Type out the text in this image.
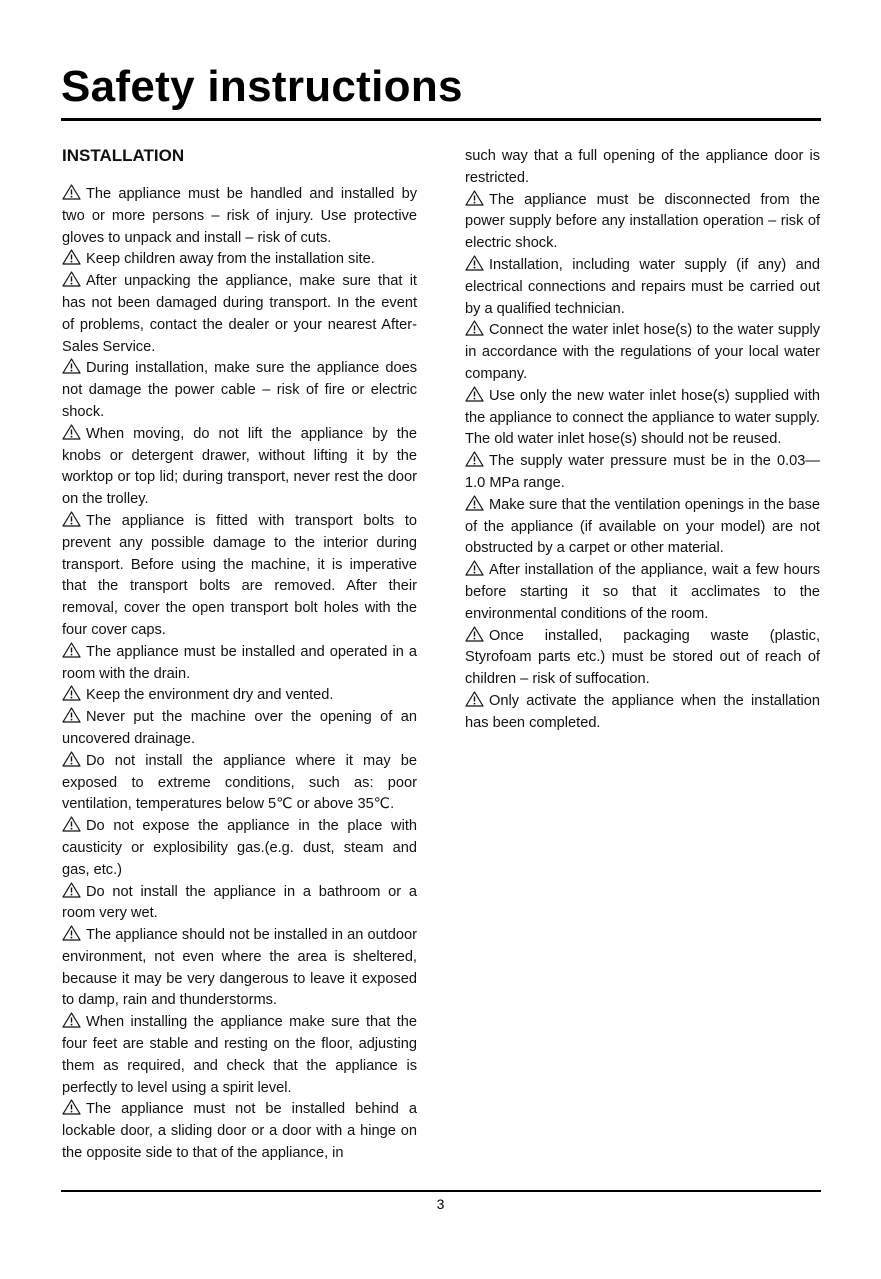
Safety instructions
INSTALLATION

The appliance must be handled and installed by two or more persons – risk of injury. Use protective gloves to unpack and install – risk of cuts.

Keep children away from the installation site.

After unpacking the appliance, make sure that it has not been damaged during transport. In the event of problems, contact the dealer or your nearest After-Sales Service.

During installation, make sure the appliance does not damage the power cable – risk of fire or electric shock.

When moving, do not lift the appliance by the knobs or detergent drawer, without lifting it by the worktop or top lid; during transport, never rest the door on the trolley.

The appliance is fitted with transport bolts to prevent any possible damage to the interior during transport. Before using the machine, it is imperative that the transport bolts are removed. After their removal, cover the open transport bolt holes with the four cover caps.

The appliance must be installed and operated in a room with the drain.

Keep the environment dry and vented.

Never put the machine over the opening of an uncovered drainage.

Do not install the appliance where it may be exposed to extreme conditions, such as: poor ventilation, temperatures below 5℃ or above 35℃.

Do not expose the appliance in the place with causticity or explosibility gas.(e.g. dust, steam and gas, etc.)

Do not install the appliance in a bathroom or a room very wet.

The appliance should not be installed in an outdoor environment, not even where the area is sheltered, because it may be very dangerous to leave it exposed to damp, rain and thunderstorms.

When installing the appliance make sure that the four feet are stable and resting on the floor, adjusting them as required, and check that the appliance is perfectly to level using a spirit level.

The appliance must not be installed behind a lockable door, a sliding door or a door with a hinge on the opposite side to that of the appliance, in

such way that a full opening of the appliance door is restricted.

The appliance must be disconnected from the power supply before any installation operation – risk of electric shock.

Installation, including water supply (if any) and electrical connections and repairs must be carried out by a qualified technician.

Connect the water inlet hose(s) to the water supply in accordance with the regulations of your local water company.

Use only the new water inlet hose(s) supplied with the appliance to connect the appliance to water supply. The old water inlet hose(s) should not be reused.

The supply water pressure must be in the 0.03—1.0 MPa range.

Make sure that the ventilation openings in the base of the appliance (if available on your model) are not obstructed by a carpet or other material.

After installation of the appliance, wait a few hours before starting it so that it acclimates to the environmental conditions of the room.

Once installed, packaging waste (plastic, Styrofoam parts etc.) must be stored out of reach of children – risk of suffocation.

Only activate the appliance when the installation has been completed.

3
